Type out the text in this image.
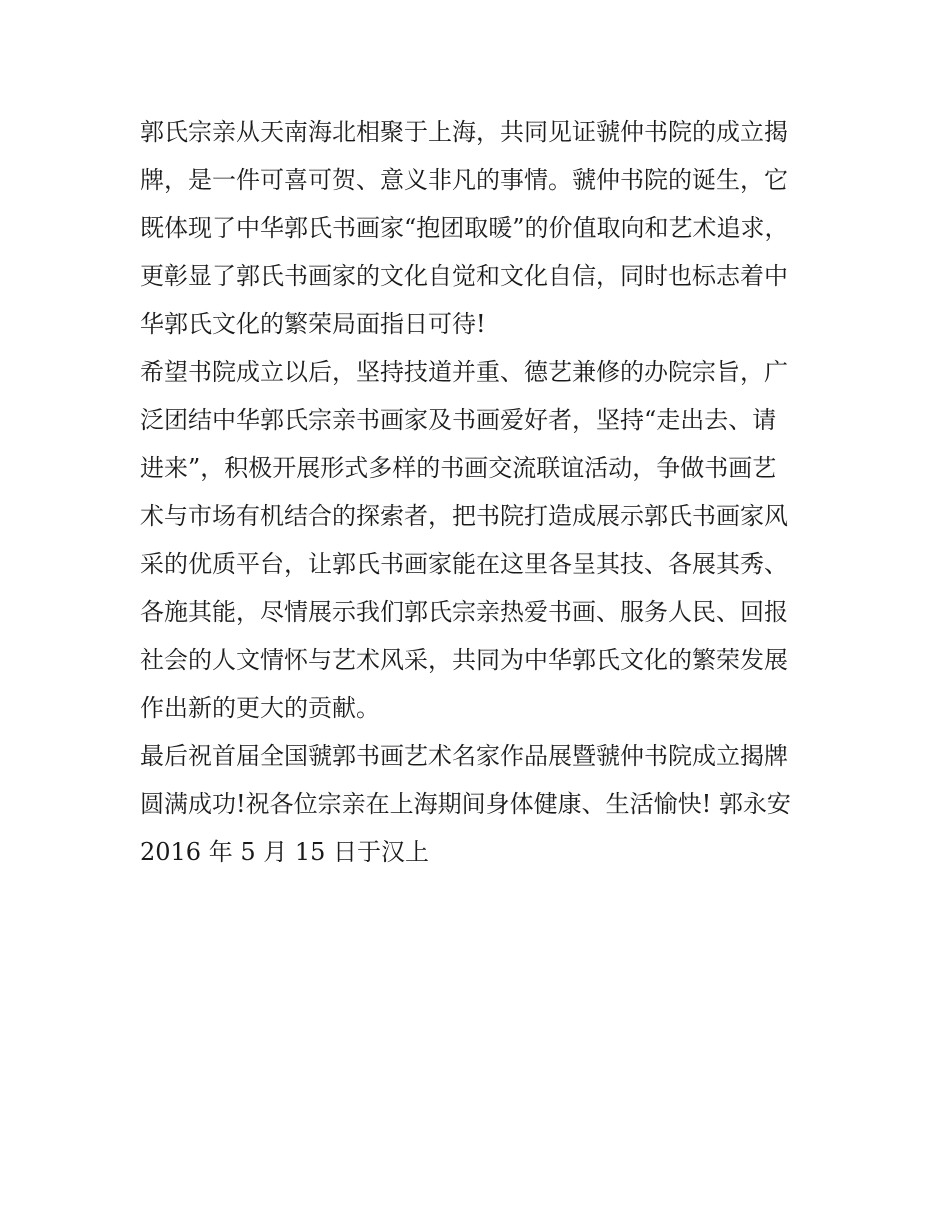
郭氏宗亲从天南海北相聚于上海，共同见证虢仲书院的成立揭
牌，是一件可喜可贺、意义非凡的事情。虢仲书院的诞生，它
既体现了中华郭氏书画家“抱团取暖”的价值取向和艺术追求，
更彰显了郭氏书画家的文化自觉和文化自信，同时也标志着中
华郭氏文化的繁荣局面指日可待!
希望书院成立以后，坚持技道并重、德艺兼修的办院宗旨，广
泛团结中华郭氏宗亲书画家及书画爱好者，坚持“走出去、请
进来”，积极开展形式多样的书画交流联谊活动，争做书画艺
术与市场有机结合的探索者，把书院打造成展示郭氏书画家风
采的优质平台，让郭氏书画家能在这里各呈其技、各展其秀、
各施其能，尽情展示我们郭氏宗亲热爱书画、服务人民、回报
社会的人文情怀与艺术风采，共同为中华郭氏文化的繁荣发展
作出新的更大的贡献。
最后祝首届全国虢郭书画艺术名家作品展暨虢仲书院成立揭牌
圆满成功!祝各位宗亲在上海期间身体健康、生活愉快! 郭永安
2016 年 5 月 15 日于汉上
